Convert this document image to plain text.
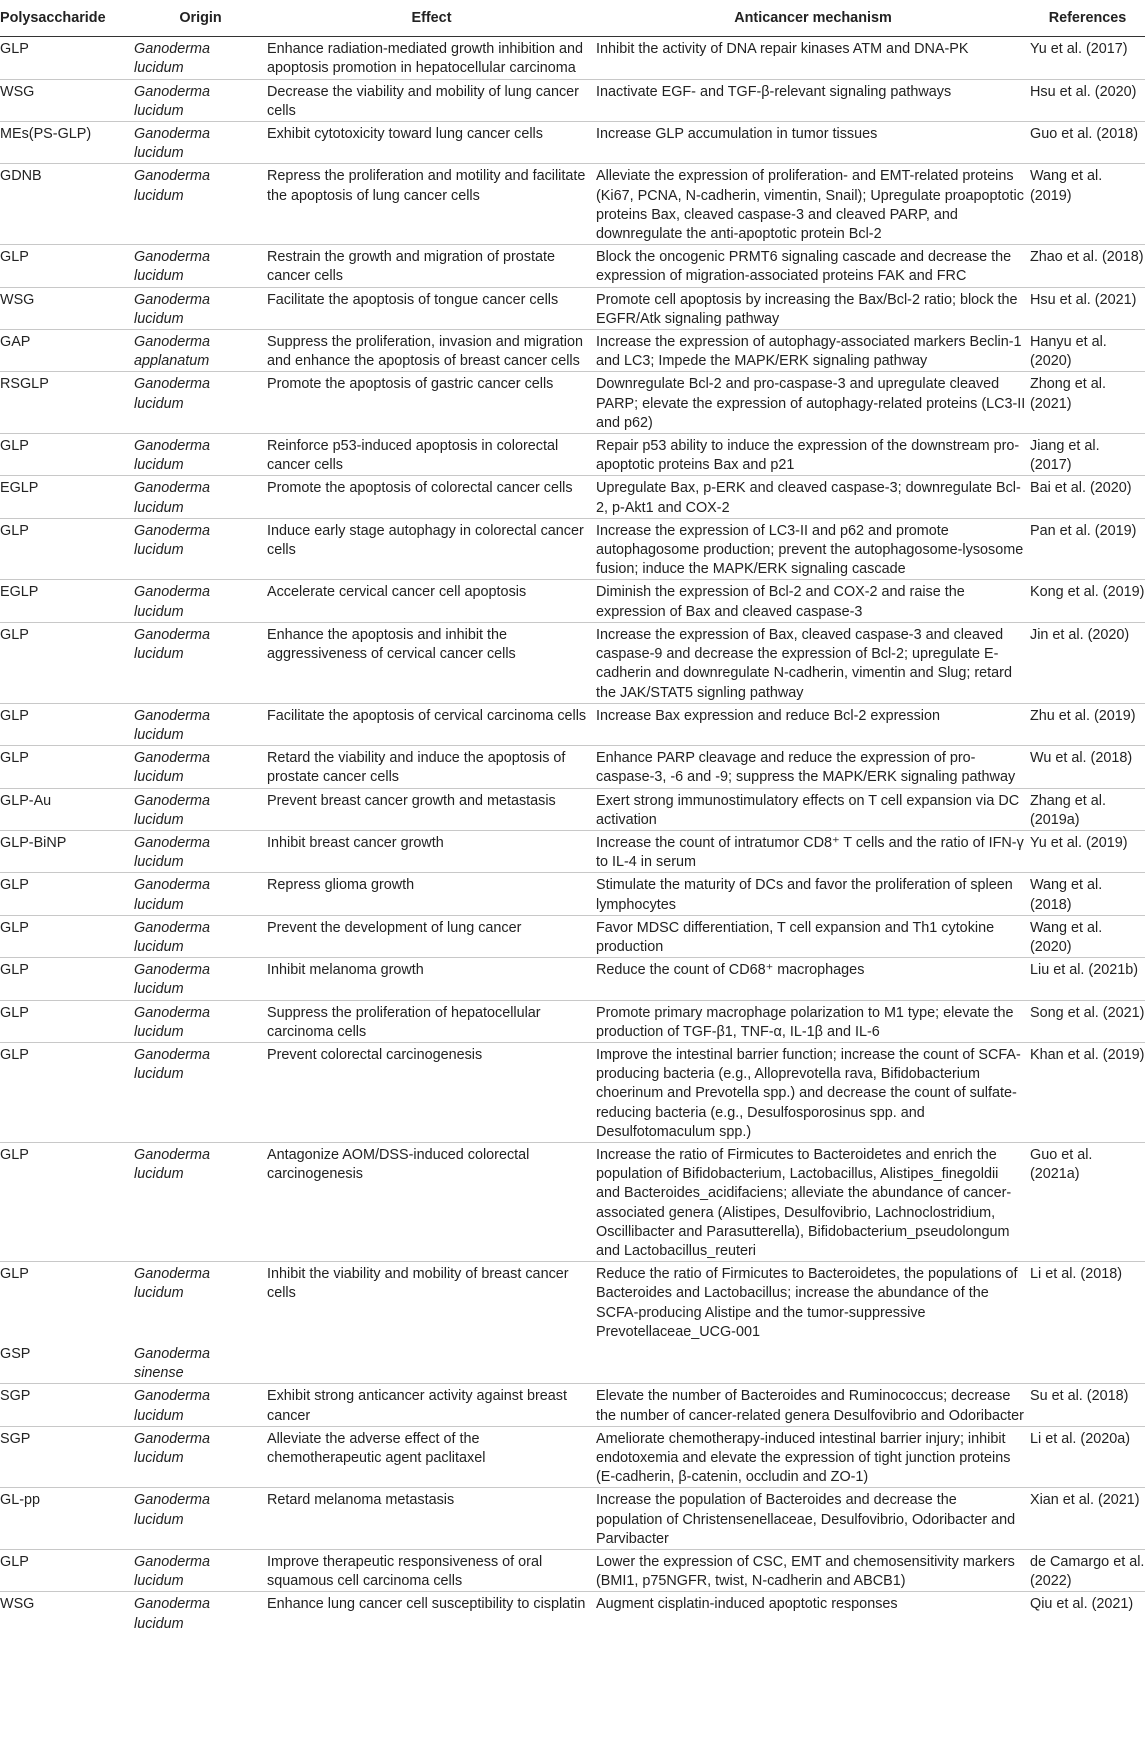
Polysaccharide	Origin	Effect	Anticancer mechanism	References
GLP	Ganoderma lucidum	Enhance radiation-mediated growth inhibition and apoptosis promotion in hepatocellular carcinoma	Inhibit the activity of DNA repair kinases ATM and DNA-PK	Yu et al. (2017)
WSG	Ganoderma lucidum	Decrease the viability and mobility of lung cancer cells	Inactivate EGF- and TGF-β-relevant signaling pathways	Hsu et al. (2020)
MEs(PS-GLP)	Ganoderma lucidum	Exhibit cytotoxicity toward lung cancer cells	Increase GLP accumulation in tumor tissues	Guo et al. (2018)
GDNB	Ganoderma lucidum	Repress the proliferation and motility and facilitate the apoptosis of lung cancer cells	Alleviate the expression of proliferation- and EMT-related proteins (Ki67, PCNA, N-cadherin, vimentin, Snail); Upregulate proapoptotic proteins Bax, cleaved caspase-3 and cleaved PARP, and downregulate the anti-apoptotic protein Bcl-2	Wang et al. (2019)
GLP	Ganoderma lucidum	Restrain the growth and migration of prostate cancer cells	Block the oncogenic PRMT6 signaling cascade and decrease the expression of migration-associated proteins FAK and FRC	Zhao et al. (2018)
WSG	Ganoderma lucidum	Facilitate the apoptosis of tongue cancer cells	Promote cell apoptosis by increasing the Bax/Bcl-2 ratio; block the EGFR/Atk signaling pathway	Hsu et al. (2021)
GAP	Ganoderma applanatum	Suppress the proliferation, invasion and migration and enhance the apoptosis of breast cancer cells	Increase the expression of autophagy-associated markers Beclin-1 and LC3; Impede the MAPK/ERK signaling pathway	Hanyu et al. (2020)
RSGLP	Ganoderma lucidum	Promote the apoptosis of gastric cancer cells	Downregulate Bcl-2 and pro-caspase-3 and upregulate cleaved PARP; elevate the expression of autophagy-related proteins (LC3-II and p62)	Zhong et al. (2021)
GLP	Ganoderma lucidum	Reinforce p53-induced apoptosis in colorectal cancer cells	Repair p53 ability to induce the expression of the downstream pro-apoptotic proteins Bax and p21	Jiang et al. (2017)
EGLP	Ganoderma lucidum	Promote the apoptosis of colorectal cancer cells	Upregulate Bax, p-ERK and cleaved caspase-3; downregulate Bcl-2, p-Akt1 and COX-2	Bai et al. (2020)
GLP	Ganoderma lucidum	Induce early stage autophagy in colorectal cancer cells	Increase the expression of LC3-II and p62 and promote autophagosome production; prevent the autophagosome-lysosome fusion; induce the MAPK/ERK signaling cascade	Pan et al. (2019)
EGLP	Ganoderma lucidum	Accelerate cervical cancer cell apoptosis	Diminish the expression of Bcl-2 and COX-2 and raise the expression of Bax and cleaved caspase-3	Kong et al. (2019)
GLP	Ganoderma lucidum	Enhance the apoptosis and inhibit the aggressiveness of cervical cancer cells	Increase the expression of Bax, cleaved caspase-3 and cleaved caspase-9 and decrease the expression of Bcl-2; upregulate E-cadherin and downregulate N-cadherin, vimentin and Slug; retard the JAK/STAT5 signling pathway	Jin et al. (2020)
GLP	Ganoderma lucidum	Facilitate the apoptosis of cervical carcinoma cells	Increase Bax expression and reduce Bcl-2 expression	Zhu et al. (2019)
GLP	Ganoderma lucidum	Retard the viability and induce the apoptosis of prostate cancer cells	Enhance PARP cleavage and reduce the expression of pro-caspase-3, -6 and -9; suppress the MAPK/ERK signaling pathway	Wu et al. (2018)
GLP-Au	Ganoderma lucidum	Prevent breast cancer growth and metastasis	Exert strong immunostimulatory effects on T cell expansion via DC activation	Zhang et al. (2019a)
GLP-BiNP	Ganoderma lucidum	Inhibit breast cancer growth	Increase the count of intratumor CD8⁺ T cells and the ratio of IFN-γ to IL-4 in serum	Yu et al. (2019)
GLP	Ganoderma lucidum	Repress glioma growth	Stimulate the maturity of DCs and favor the proliferation of spleen lymphocytes	Wang et al. (2018)
GLP	Ganoderma lucidum	Prevent the development of lung cancer	Favor MDSC differentiation, T cell expansion and Th1 cytokine production	Wang et al. (2020)
GLP	Ganoderma lucidum	Inhibit melanoma growth	Reduce the count of CD68⁺ macrophages	Liu et al. (2021b)
GLP	Ganoderma lucidum	Suppress the proliferation of hepatocellular carcinoma cells	Promote primary macrophage polarization to M1 type; elevate the production of TGF-β1, TNF-α, IL-1β and IL-6	Song et al. (2021)
GLP	Ganoderma lucidum	Prevent colorectal carcinogenesis	Improve the intestinal barrier function; increase the count of SCFA-producing bacteria (e.g., Alloprevotella rava, Bifidobacterium choerinum and Prevotella spp.) and decrease the count of sulfate-reducing bacteria (e.g., Desulfosporosinus spp. and Desulfotomaculum spp.)	Khan et al. (2019)
GLP	Ganoderma lucidum	Antagonize AOM/DSS-induced colorectal carcinogenesis	Increase the ratio of Firmicutes to Bacteroidetes and enrich the population of Bifidobacterium, Lactobacillus, Alistipes_finegoldii and Bacteroides_acidifaciens; alleviate the abundance of cancer-associated genera (Alistipes, Desulfovibrio, Lachnoclostridium, Oscillibacter and Parasutterella), Bifidobacterium_pseudolongum and Lactobacillus_reuteri	Guo et al. (2021a)
GLP	Ganoderma lucidum	Inhibit the viability and mobility of breast cancer cells	Reduce the ratio of Firmicutes to Bacteroidetes, the populations of Bacteroides and Lactobacillus; increase the abundance of the SCFA-producing Alistipe and the tumor-suppressive Prevotellaceae_UCG-001	Li et al. (2018)
GSP	Ganoderma sinense			
SGP	Ganoderma lucidum	Exhibit strong anticancer activity against breast cancer	Elevate the number of Bacteroides and Ruminococcus; decrease the number of cancer-related genera Desulfovibrio and Odoribacter	Su et al. (2018)
SGP	Ganoderma lucidum	Alleviate the adverse effect of the chemotherapeutic agent paclitaxel	Ameliorate chemotherapy-induced intestinal barrier injury; inhibit endotoxemia and elevate the expression of tight junction proteins (E-cadherin, β-catenin, occludin and ZO-1)	Li et al. (2020a)
GL-pp	Ganoderma lucidum	Retard melanoma metastasis	Increase the population of Bacteroides and decrease the population of Christensenellaceae, Desulfovibrio, Odoribacter and Parvibacter	Xian et al. (2021)
GLP	Ganoderma lucidum	Improve therapeutic responsiveness of oral squamous cell carcinoma cells	Lower the expression of CSC, EMT and chemosensitivity markers (BMI1, p75NGFR, twist, N-cadherin and ABCB1)	de Camargo et al. (2022)
WSG	Ganoderma lucidum	Enhance lung cancer cell susceptibility to cisplatin	Augment cisplatin-induced apoptotic responses	Qiu et al. (2021)
